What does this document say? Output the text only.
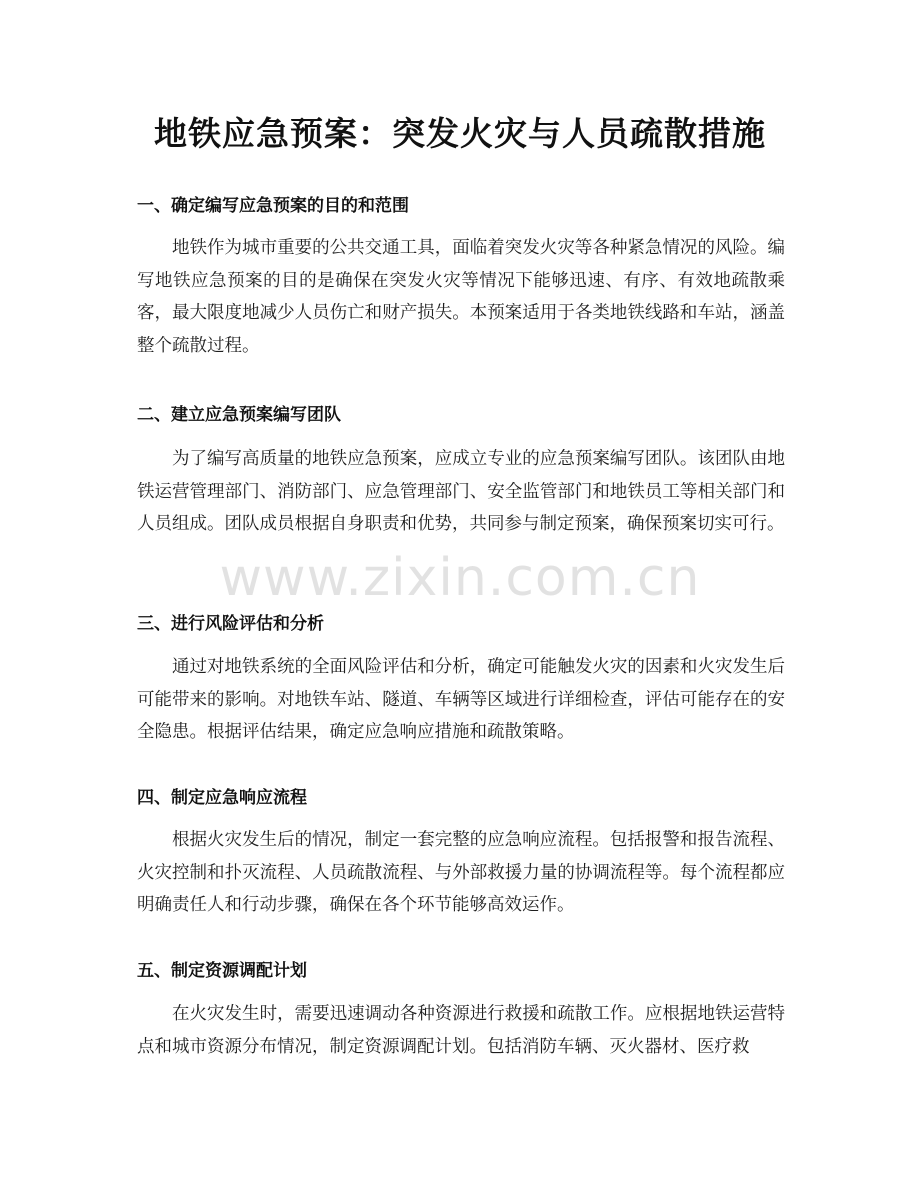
地铁应急预案：突发火灾与人员疏散措施
一、确定编写应急预案的目的和范围

地铁作为城市重要的公共交通工具，面临着突发火灾等各种紧急情况的风险。编写地铁应急预案的目的是确保在突发火灾等情况下能够迅速、有序、有效地疏散乘客，最大限度地减少人员伤亡和财产损失。本预案适用于各类地铁线路和车站，涵盖整个疏散过程。

二、建立应急预案编写团队

为了编写高质量的地铁应急预案，应成立专业的应急预案编写团队。该团队由地铁运营管理部门、消防部门、应急管理部门、安全监管部门和地铁员工等相关部门和人员组成。团队成员根据自身职责和优势，共同参与制定预案，确保预案切实可行。

三、进行风险评估和分析

通过对地铁系统的全面风险评估和分析，确定可能触发火灾的因素和火灾发生后可能带来的影响。对地铁车站、隧道、车辆等区域进行详细检查，评估可能存在的安全隐患。根据评估结果，确定应急响应措施和疏散策略。

四、制定应急响应流程

根据火灾发生后的情况，制定一套完整的应急响应流程。包括报警和报告流程、火灾控制和扑灭流程、人员疏散流程、与外部救援力量的协调流程等。每个流程都应明确责任人和行动步骤，确保在各个环节能够高效运作。

五、制定资源调配计划

在火灾发生时，需要迅速调动各种资源进行救援和疏散工作。应根据地铁运营特点和城市资源分布情况，制定资源调配计划。包括消防车辆、灭火器材、医疗救

www.zixin.com.cn
